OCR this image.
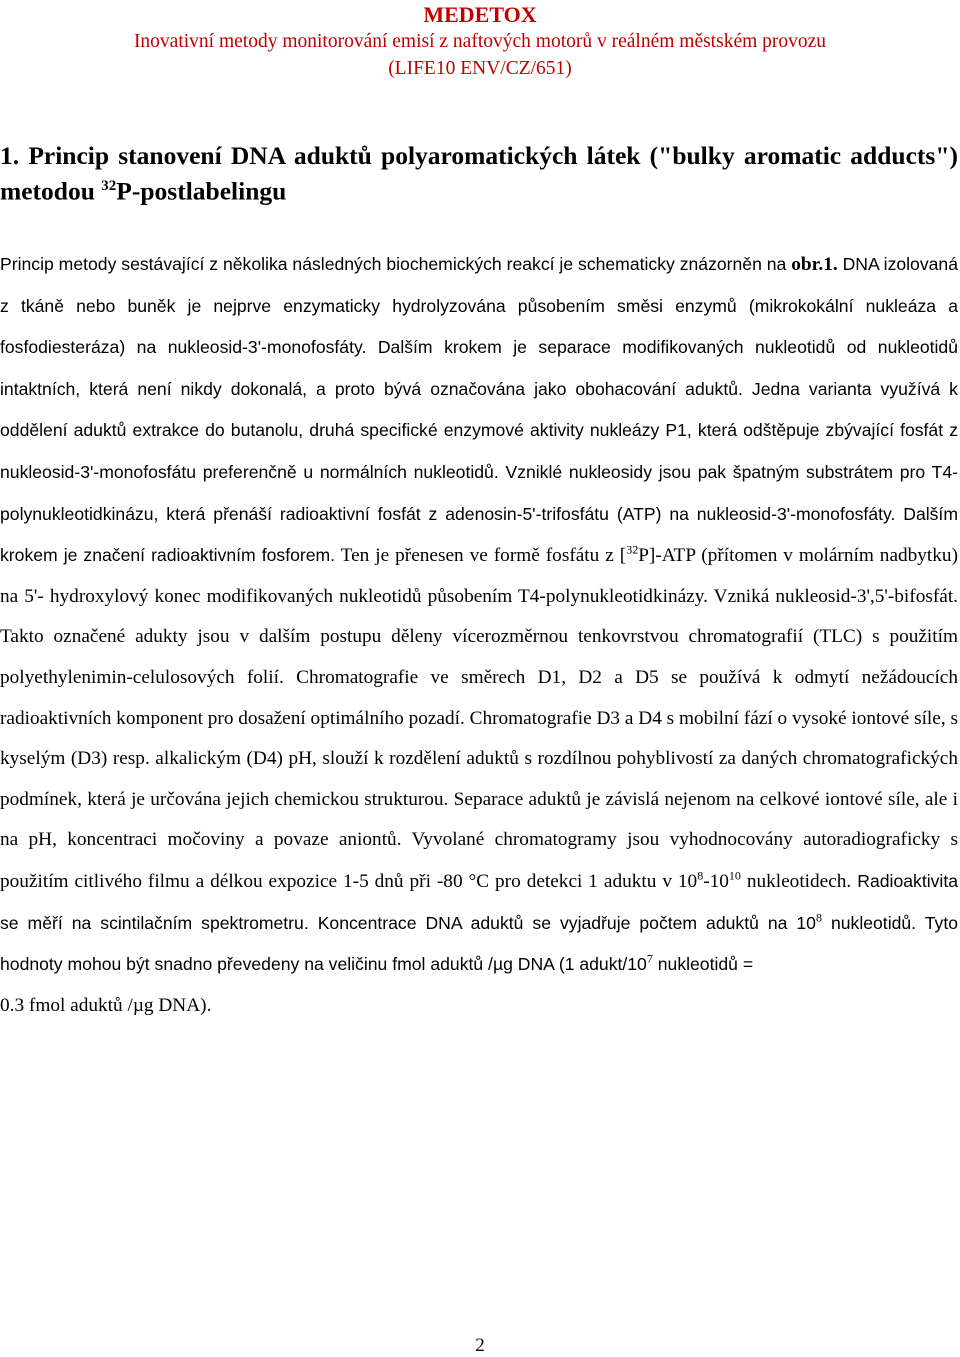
MEDETOX
Inovativní metody monitorování emisí z naftových motorů v reálném městském provozu
(LIFE10 ENV/CZ/651)
1. Princip stanovení DNA aduktů polyaromatických látek ("bulky aromatic adducts") metodou $^{32}$P-postlabelingu
Princip metody sestávající z několika následných biochemických reakcí je schematicky znázorněn na obr.1. DNA izolovaná z tkáně nebo buněk je nejprve enzymaticky hydrolyzována působením směsi enzymů (mikrokokální nukleáza a fosfodiesteráza) na nukleosid-3'-monofosfáty. Dalším krokem je separace modifikovaných nukleotidů od nukleotidů intaktních, která není nikdy dokonalá, a proto bývá označována jako obohacování aduktů. Jedna varianta využívá k oddělení aduktů extrakce do butanolu, druhá specifické enzymové aktivity nukleázy P1, která odštěpuje zbývající fosfát z nukleosid-3'-monofosfátu preferenčně u normálních nukleotidů. Vzniklé nukleosidy jsou pak špatným substrátem pro T4-polynukleotidkinázu, která přenáší radioaktivní fosfát z adenosin-5'-trifosfátu (ATP) na nukleosid-3'-monofosfáty. Dalším krokem je značení radioaktivním fosforem. Ten je přenesen ve formě fosfátu z [$^{32}$P]-ATP (přítomen v molárním nadbytku) na 5'- hydroxylový konec modifikovaných nukleotidů působením T4-polynukleotidkinázy. Vzniká nukleosid-3',5'-bifosfát. Takto označené adukty jsou v dalším postupu děleny vícerozměrnou tenkovrstvou chromatografií (TLC) s použitím polyethylenimin-celulosových folií. Chromatografie ve směrech D1, D2 a D5 se používá k odmytí nežádoucích radioaktivních komponent pro dosažení optimálního pozadí. Chromatografie D3 a D4 s mobilní fází o vysoké iontové síle, s kyselým (D3) resp. alkalickým (D4) pH, slouží k rozdělení aduktů s rozdílnou pohyblivostí za daných chromatografických podmínek, která je určována jejich chemickou strukturou. Separace aduktů je závislá nejenom na celkové iontové síle, ale i na pH, koncentraci močoviny a povaze aniontů. Vyvolané chromatogramy jsou vyhodnocovány autoradiograficky s použitím citlivého filmu a délkou expozice 1-5 dnů při -80 °C pro detekci 1 aduktu v $10^8-10^{10}$ nukleotidech. Radioaktivita se měří na scintilačním spektrometru. Koncentrace DNA aduktů se vyjadřuje počtem aduktů na $10^8$ nukleotidů. Tyto hodnoty mohou být snadno převedeny na veličinu fmol aduktů /µg DNA (1 adukt/$10^7$ nukleotidů =
0.3 fmol aduktů /µg DNA).
2
